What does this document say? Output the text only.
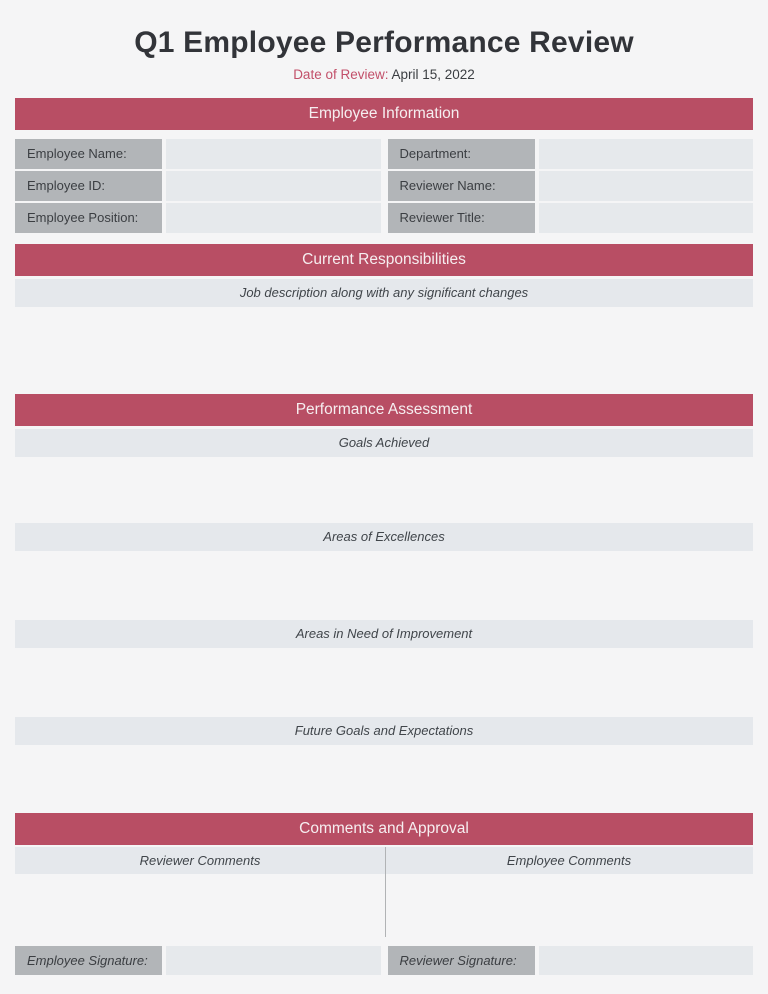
Q1 Employee Performance Review
Date of Review: April 15, 2022
Employee Information
Employee Name:
Employee ID:
Employee Position:
Department:
Reviewer Name:
Reviewer Title:
Current Responsibilities
Job description along with any significant changes
Performance Assessment
Goals Achieved
Areas of Excellences
Areas in Need of Improvement
Future Goals and Expectations
Comments and Approval
Reviewer Comments	Employee Comments
Employee Signature:	Reviewer Signature:
